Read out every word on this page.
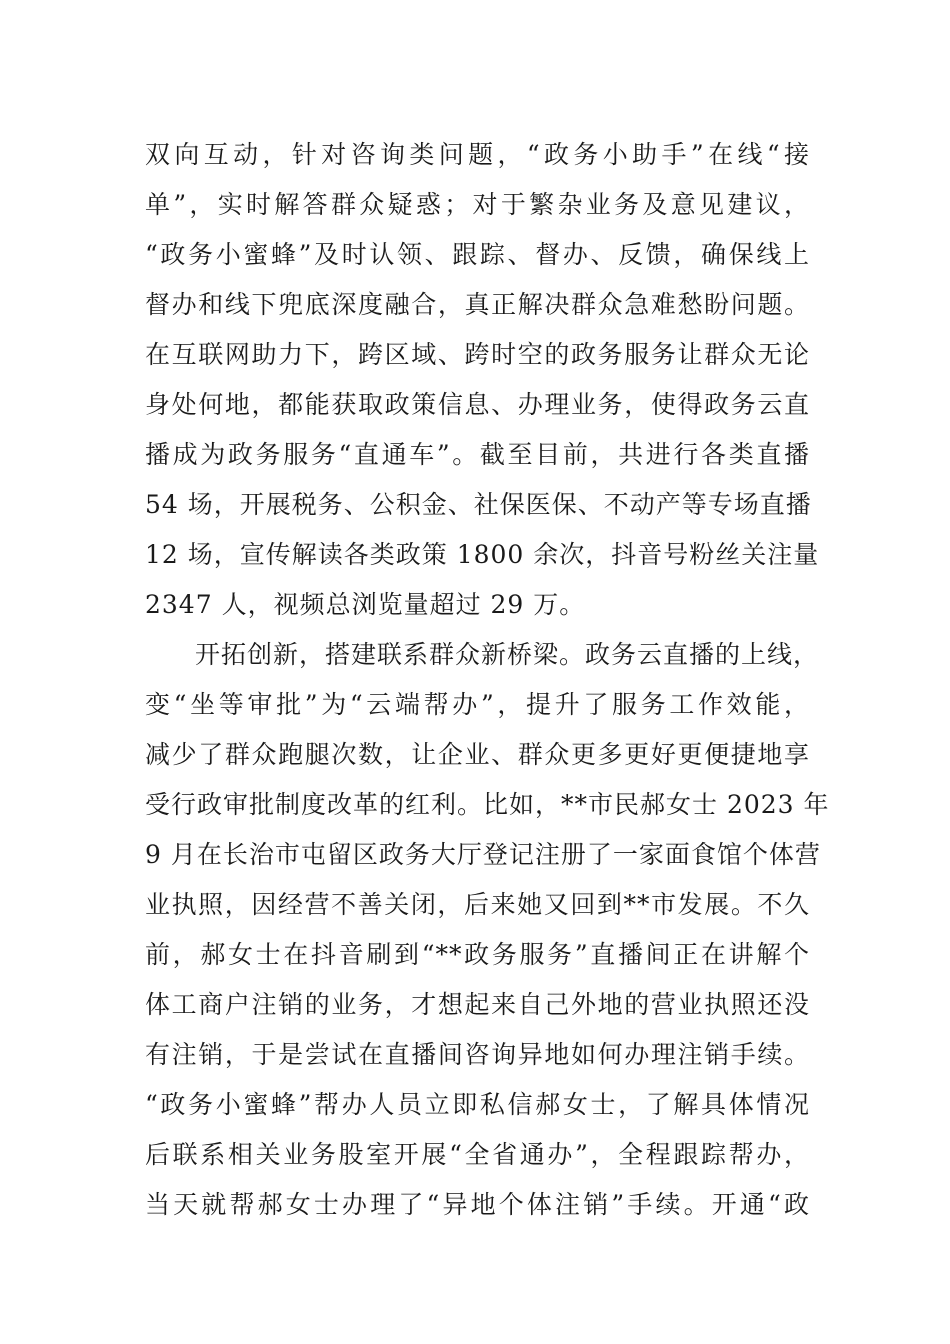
双向互动，针对咨询类问题，“政务小助手”在线“接
单”，实时解答群众疑惑；对于繁杂业务及意见建议，
“政务小蜜蜂”及时认领、跟踪、督办、反馈，确保线上
督办和线下兜底深度融合，真正解决群众急难愁盼问题。
在互联网助力下，跨区域、跨时空的政务服务让群众无论
身处何地，都能获取政策信息、办理业务，使得政务云直
播成为政务服务“直通车”。截至目前，共进行各类直播
54 场，开展税务、公积金、社保医保、不动产等专场直播
12 场，宣传解读各类政策 1800 余次，抖音号粉丝关注量
2347 人，视频总浏览量超过 29 万。
开拓创新，搭建联系群众新桥梁。政务云直播的上线，
变“坐等审批”为“云端帮办”，提升了服务工作效能，
减少了群众跑腿次数，让企业、群众更多更好更便捷地享
受行政审批制度改革的红利。比如，**市民郝女士 2023 年
9 月在长治市屯留区政务大厅登记注册了一家面食馆个体营
业执照，因经营不善关闭，后来她又回到**市发展。不久
前，郝女士在抖音刷到“**政务服务”直播间正在讲解个
体工商户注销的业务，才想起来自己外地的营业执照还没
有注销，于是尝试在直播间咨询异地如何办理注销手续。
“政务小蜜蜂”帮办人员立即私信郝女士，了解具体情况
后联系相关业务股室开展“全省通办”，全程跟踪帮办，
当天就帮郝女士办理了“异地个体注销”手续。开通“政
